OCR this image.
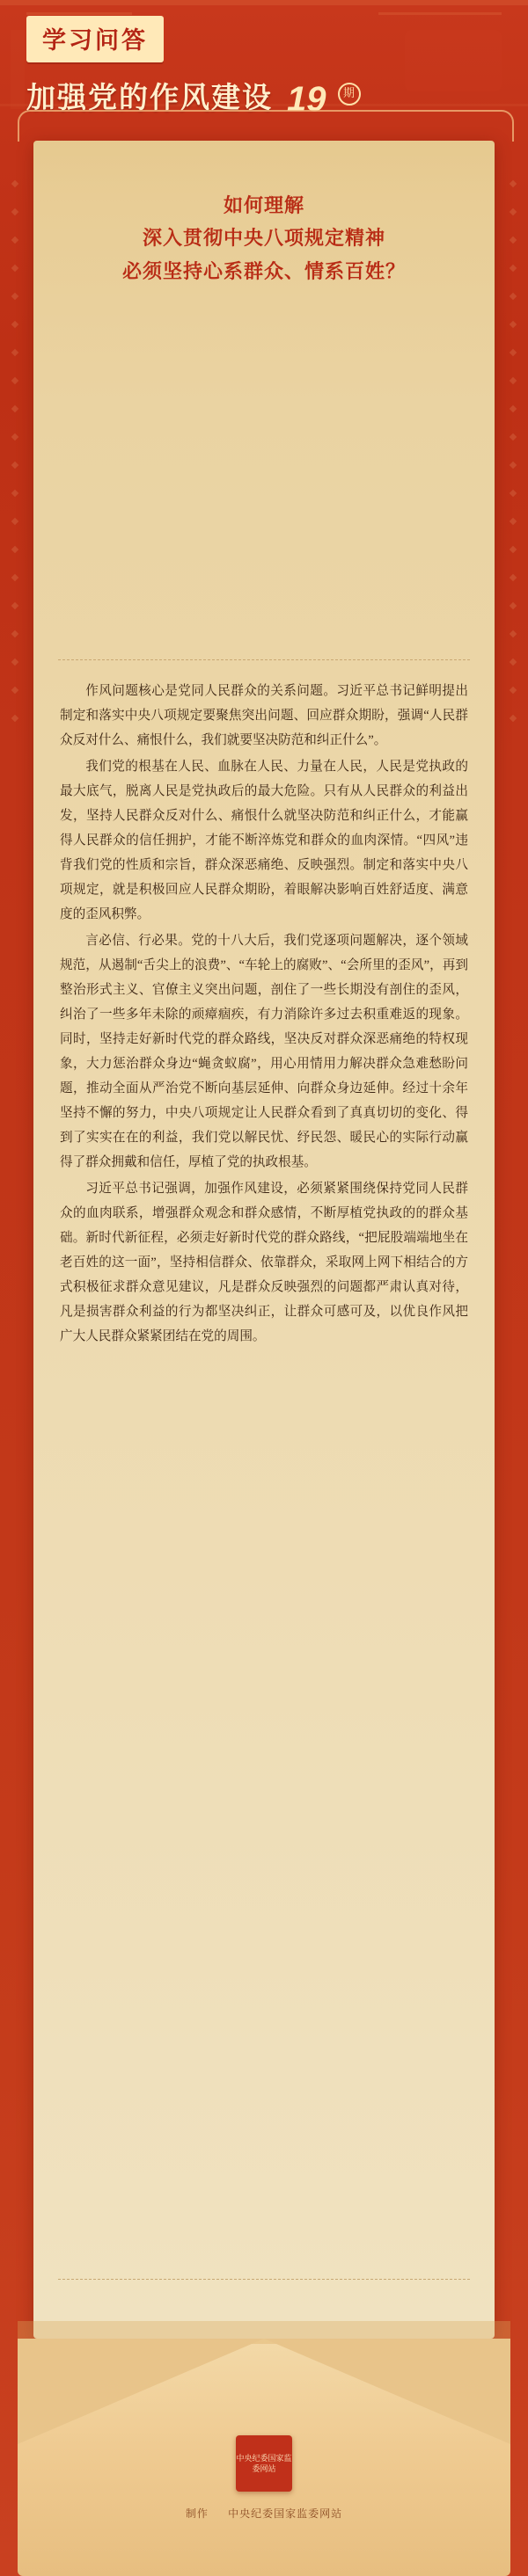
学习问答
加强党的作风建设 19	期
如何理解
深入贯彻中央八项规定精神
必须坚持心系群众、情系百姓？

作风问题核心是党同人民群众的关系问题。习近平总书记鲜明提出制定和落实中央八项规定要聚焦突出问题、回应群众期盼，强调“人民群众反对什么、痛恨什么，我们就要坚决防范和纠正什么”。

我们党的根基在人民、血脉在人民、力量在人民，人民是党执政的最大底气，脱离人民是党执政后的最大危险。只有从人民群众的利益出发，坚持人民群众反对什么、痛恨什么就坚决防范和纠正什么，才能赢得人民群众的信任拥护，才能不断淬炼党和群众的血肉深情。“四风”违背我们党的性质和宗旨，群众深恶痛绝、反映强烈。制定和落实中央八项规定，就是积极回应人民群众期盼，着眼解决影响百姓舒适度、满意度的歪风积弊。

言必信、行必果。党的十八大后，我们党逐项问题解决，逐个领域规范，从遏制“舌尖上的浪费”、“车轮上的腐败”、“会所里的歪风”，再到整治形式主义、官僚主义突出问题，剖住了一些长期没有剖住的歪风，纠治了一些多年未除的顽瘴痼疾，有力消除许多过去积重难返的现象。同时，坚持走好新时代党的群众路线，坚决反对群众深恶痛绝的特权现象，大力惩治群众身边“蝇贪蚁腐”，用心用情用力解决群众急难愁盼问题，推动全面从严治党不断向基层延伸、向群众身边延伸。经过十余年坚持不懈的努力，中央八项规定让人民群众看到了真真切切的变化、得到了实实在在的利益，我们党以解民忧、纾民怨、暖民心的实际行动赢得了群众拥戴和信任，厚植了党的执政根基。

习近平总书记强调，加强作风建设，必须紧紧围绕保持党同人民群众的血肉联系，增强群众观念和群众感情，不断厚植党执政的的群众基础。新时代新征程，必须走好新时代党的群众路线，“把屁股端端地坐在老百姓的这一面”，坚持相信群众、依靠群众，采取网上网下相结合的方式积极征求群众意见建议，凡是群众反映强烈的问题都严肃认真对待，凡是损害群众利益的行为都坚决纠正，让群众可感可及，以优良作风把广大人民群众紧紧团结在党的周围。

中央纪委国家监委网站
制作 中央纪委国家监委网站
